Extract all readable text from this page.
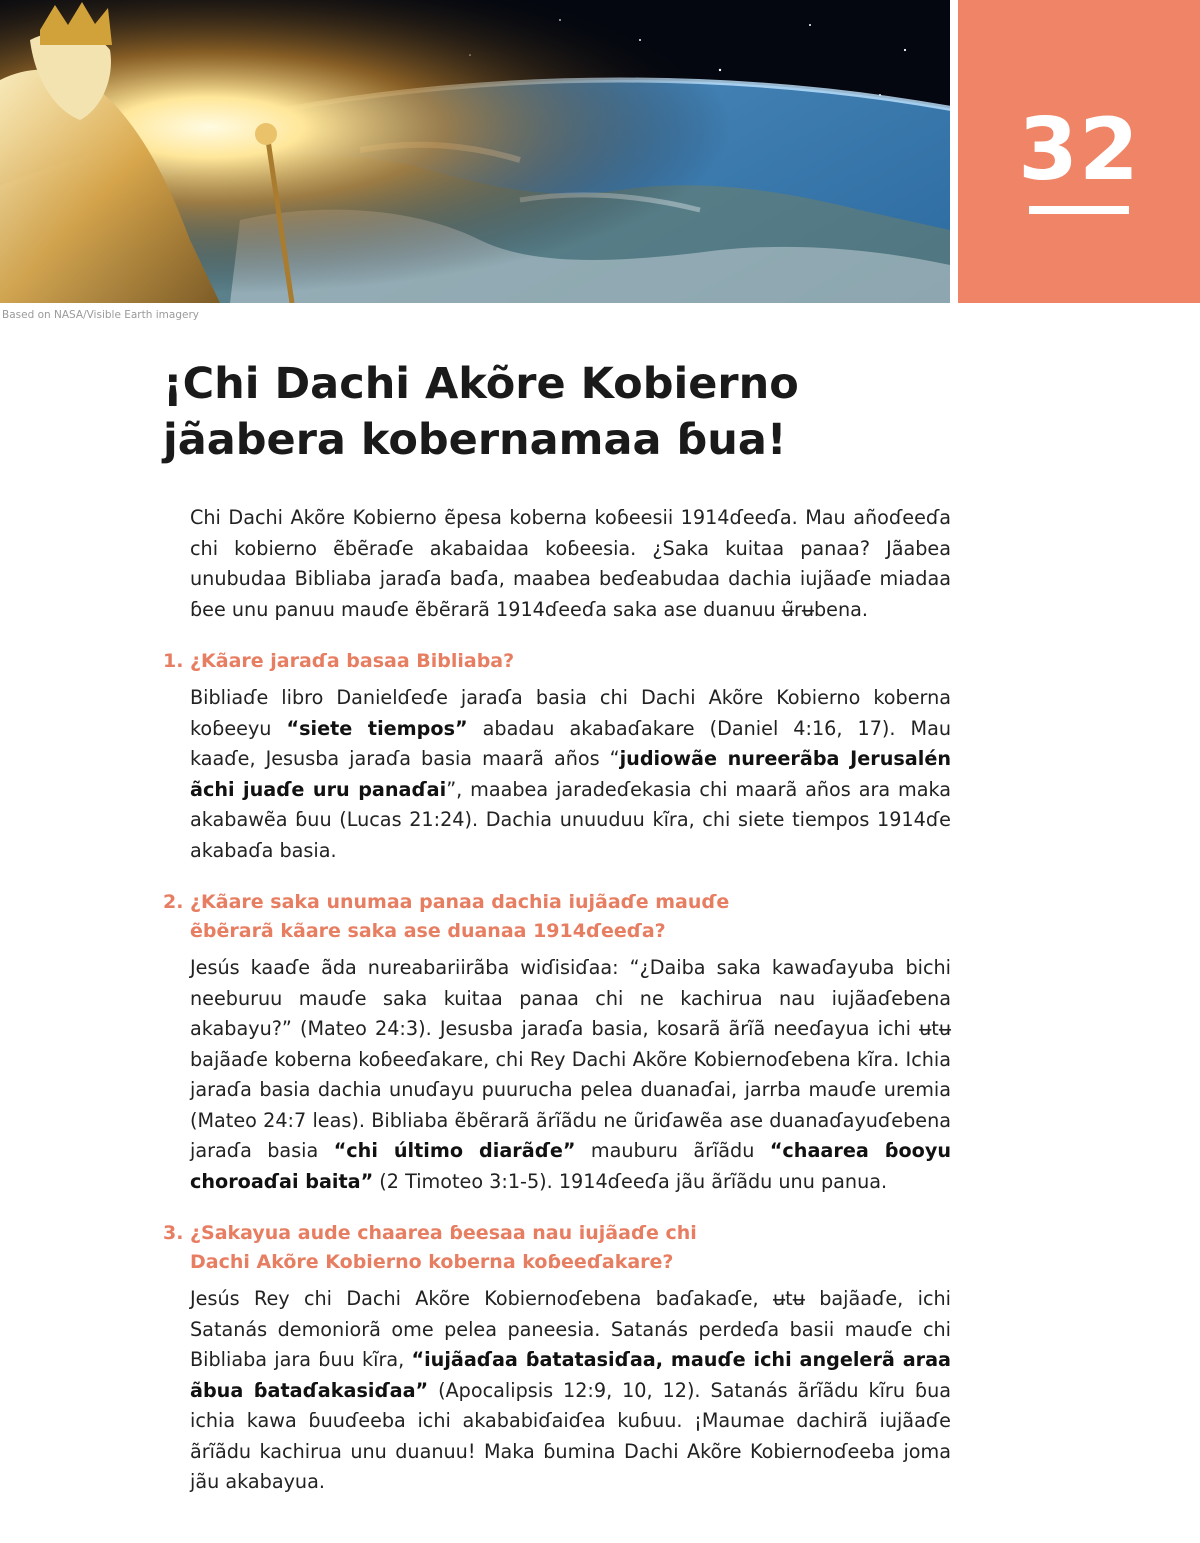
32
Based on NASA/Visible Earth imagery
¡Chi Dachi Akõre Kobierno
jãabera kobernamaa ɓua!

Chi Dachi Akõre Kobierno ẽpesa koberna koɓeesii 1914ɗeeɗa. Mau añoɗeeɗa chi kobierno ẽbẽraɗe akabaidaa koɓeesia. ¿Saka kuitaa panaa? Jãabea unubudaa Bibliaba jaraɗa baɗa, maabea beɗeabudaa dachia iujãaɗe miadaa ɓee unu panuu mauɗe ẽbẽrarã 1914ɗeeɗa saka ase duanuu ʉ̃rʉbena.

1. ¿Kãare jaraɗa basaa Bibliaba?

Bibliaɗe libro Danielɗeɗe jaraɗa basia chi Dachi Akõre Kobierno koberna koɓeeyu “siete tiempos” abadau akabaɗakare (Daniel 4:16, 17). Mau kaaɗe, Jesusba jaraɗa basia maarã años “judiowãe nureerãba Jerusalén ãchi juaɗe uru panaɗai”, maabea jaradeɗekasia chi maarã años ara maka akabawẽa ɓuu (Lucas 21:24). Dachia unuuduu kĩra, chi siete tiempos 1914ɗe akabaɗa basia.

2. ¿Kãare saka unumaa panaa dachia iujãaɗe mauɗe
ẽbẽrarã kãare saka ase duanaa 1914ɗeeɗa?

Jesús kaaɗe ãda nureabariirãba wiɗisiɗaa: “¿Daiba saka kawaɗayuba bichi neeburuu mauɗe saka kuitaa panaa chi ne kachirua nau iujãaɗebena akabayu?” (Mateo 24:3). Jesusba jaraɗa basia, kosarã ãrĩã neeɗayua ichi ʉtʉ bajãaɗe koberna koɓeeɗakare, chi Rey Dachi Akõre Kobiernoɗebena kĩra. Ichia jaraɗa basia dachia unuɗayu puurucha pelea duanaɗai, jarrba mauɗe uremia (Mateo 24:7 leas). Bibliaba ẽbẽrarã ãrĩãdu ne ũriɗawẽa ase duanaɗayuɗebena jaraɗa basia “chi último diarãɗe” mauburu ãrĩãdu “chaarea ɓooyu choroaɗai baita” (2 Timoteo 3:1-5). 1914ɗeeɗa jãu ãrĩãdu unu panua.

3. ¿Sakayua aude chaarea ɓeesaa nau iujãaɗe chi
Dachi Akõre Kobierno koberna koɓeeɗakare?

Jesús Rey chi Dachi Akõre Kobiernoɗebena baɗakaɗe, ʉtʉ bajãaɗe, ichi Satanás demoniorã ome pelea paneesia. Satanás perdeɗa basii mauɗe chi Bibliaba jara ɓuu kĩra, “iujãaɗaa ɓatatasiɗaa, mauɗe ichi angelerã araa ãbua ɓataɗakasiɗaa” (Apocalipsis 12:9, 10, 12). Satanás ãrĩãdu kĩru ɓua ichia kawa ɓuuɗeeba ichi akababiɗaiɗea kuɓuu. ¡Maumae dachirã iujãaɗe ãrĩãdu kachirua unu duanuu! Maka ɓumina Dachi Akõre Kobiernoɗeeba joma jãu akabayua.
